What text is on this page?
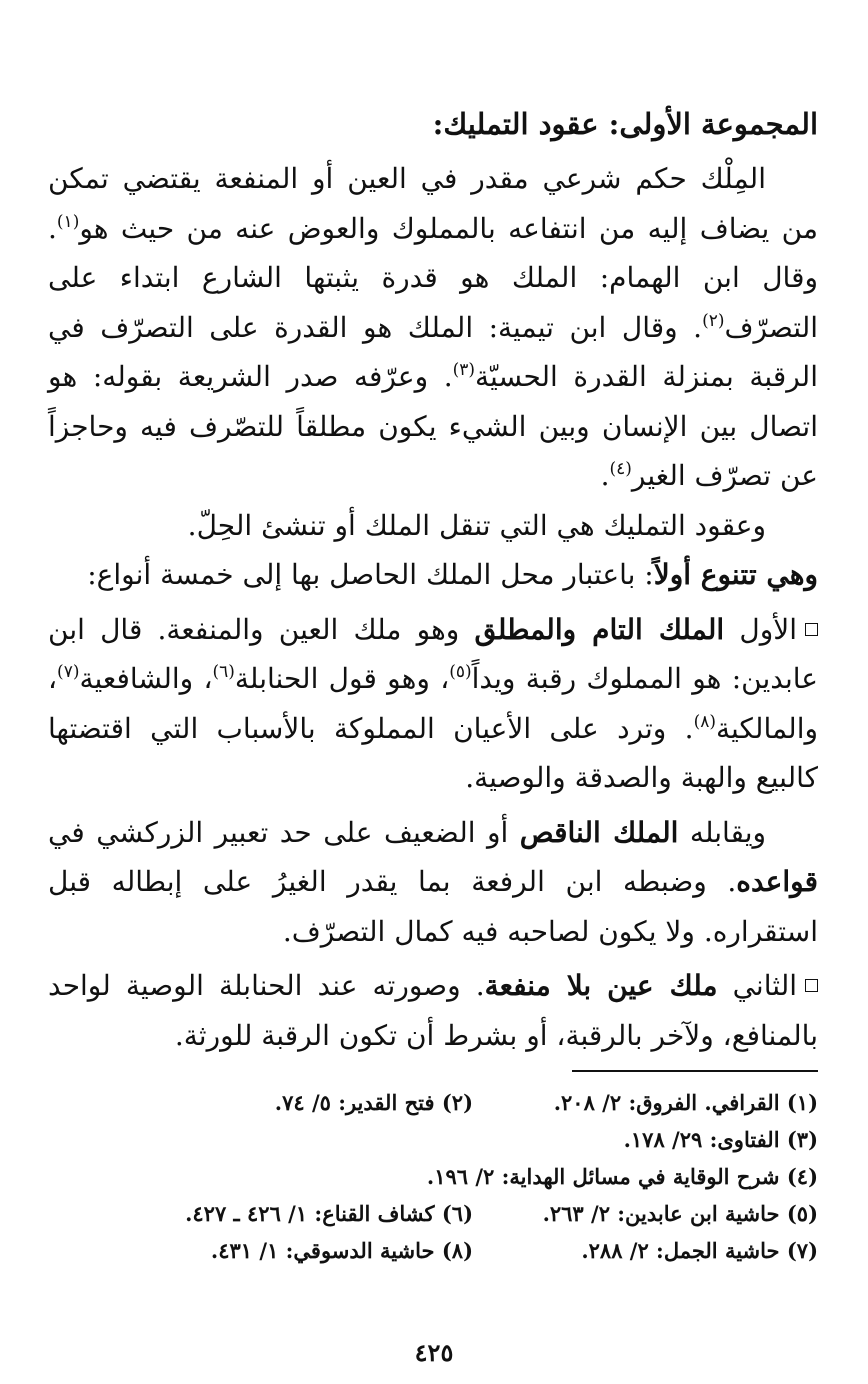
المجموعة الأولى: عقود التمليك:

المِلْك حكم شرعي مقدر في العين أو المنفعة يقتضي تمكن من يضاف إليه من انتفاعه بالمملوك والعوض عنه من حيث هو$^{(١)}$. وقال ابن الهمام: الملك هو قدرة يثبتها الشارع ابتداء على التصرّف$^{(٢)}$. وقال ابن تيمية: الملك هو القدرة على التصرّف في الرقبة بمنزلة القدرة الحسيّة$^{(٣)}$. وعرّفه صدر الشريعة بقوله: هو اتصال بين الإنسان وبين الشيء يكون مطلقاً للتصّرف فيه وحاجزاً عن تصرّف الغير$^{(٤)}$.

وعقود التمليك هي التي تنقل الملك أو تنشئ الحِلّ.

وهي تتنوع أولاً: باعتبار محل الملك الحاصل بها إلى خمسة أنواع:

الأول الملك التام والمطلق وهو ملك العين والمنفعة. قال ابن عابدين: هو المملوك رقبة ويداً$^{(٥)}$، وهو قول الحنابلة$^{(٦)}$، والشافعية$^{(٧)}$، والمالكية$^{(٨)}$. وترد على الأعيان المملوكة بالأسباب التي اقتضتها كالبيع والهبة والصدقة والوصية.

ويقابله الملك الناقص أو الضعيف على حد تعبير الزركشي في قواعده. وضبطه ابن الرفعة بما يقدر الغيرُ على إبطاله قبل استقراره. ولا يكون لصاحبه فيه كمال التصرّف.

الثاني ملك عين بلا منفعة. وصورته عند الحنابلة الوصية لواحد بالمنافع، ولآخر بالرقبة، أو بشرط أن تكون الرقبة للورثة.

(١) القرافي. الفروق: ٢/ ٢٠٨.
(٢) فتح القدير: ٥/ ٧٤.
(٣) الفتاوى: ٢٩/ ١٧٨.
(٤) شرح الوقاية في مسائل الهداية: ٢/ ١٩٦.
(٥) حاشية ابن عابدين: ٢/ ٢٦٣.
(٦) كشاف القناع: ١/ ٤٢٦ ـ ٤٢٧.
(٧) حاشية الجمل: ٢/ ٢٨٨.
(٨) حاشية الدسوقي: ١/ ٤٣١.
٤٢٥
